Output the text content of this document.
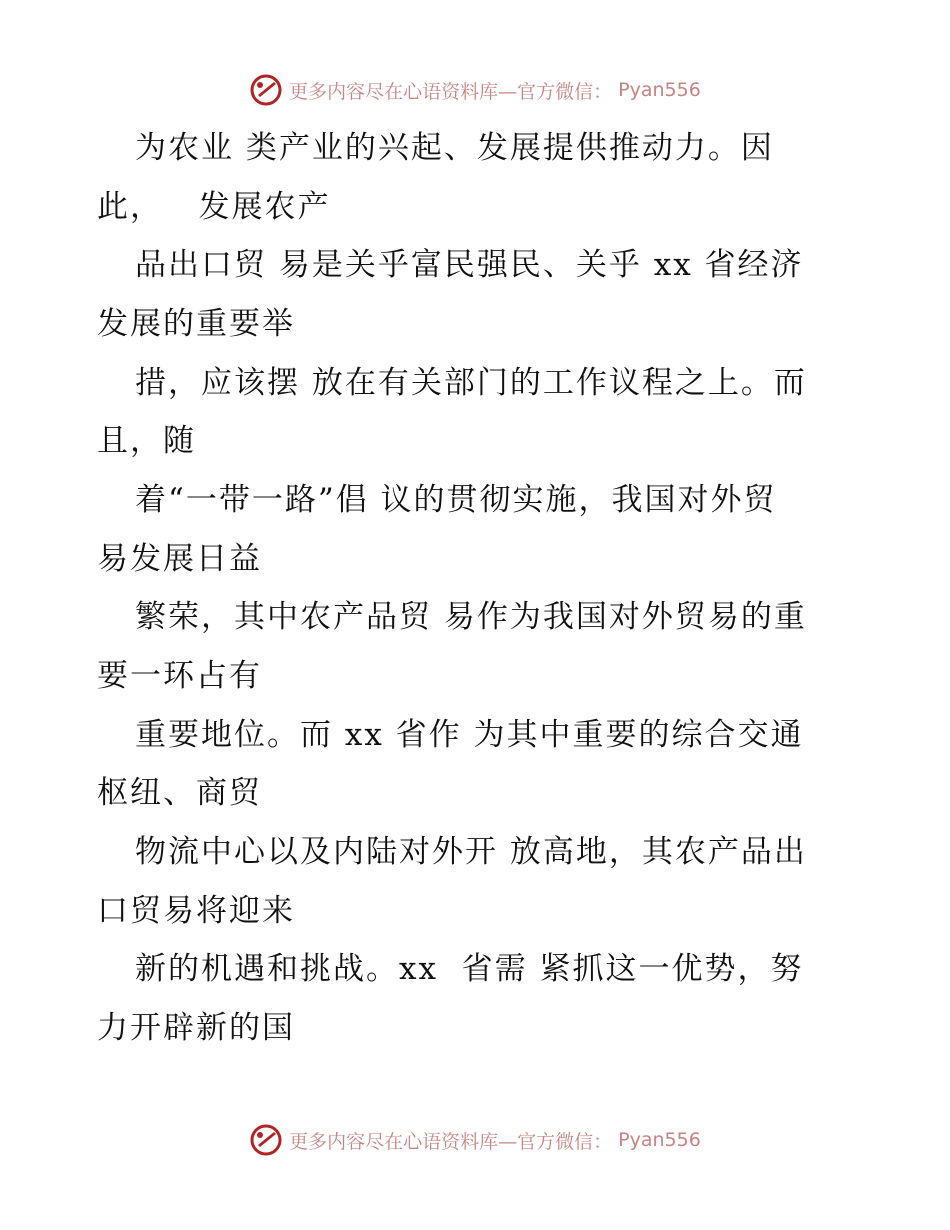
更多内容尽在心语资料库—官方微信： Pyan556
为农业 类产业的兴起、发展提供推动力。因
此，   发展农产
品出口贸 易是关乎富民强民、关乎 xx 省经济
发展的重要举
措，应该摆 放在有关部门的工作议程之上。而
且，随
着“一带一路”倡 议的贯彻实施，我国对外贸
易发展日益
繁荣，其中农产品贸 易作为我国对外贸易的重
要一环占有
重要地位。而 xx 省作 为其中重要的综合交通
枢纽、商贸
物流中心以及内陆对外开 放高地，其农产品出
口贸易将迎来
新的机遇和挑战。xx  省需 紧抓这一优势，努
力开辟新的国
更多内容尽在心语资料库—官方微信： Pyan556
